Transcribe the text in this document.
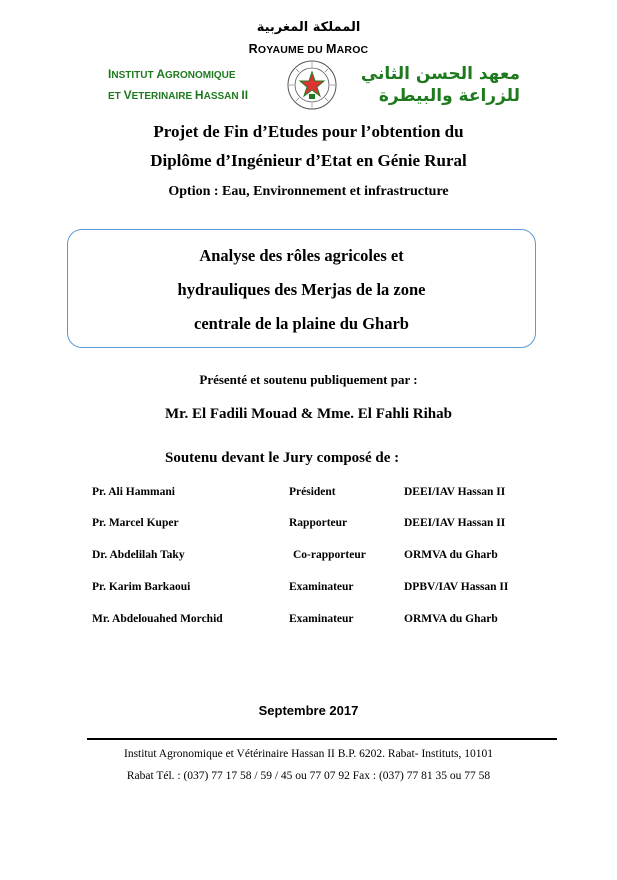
المملكة المغربية
ROYAUME DU MAROC
INSTITUT AGRONOMIQUE
ET VETERINAIRE HASSAN II
معهد الحسن الثاني
للزراعة والبيطرة
Projet de Fin d’Etudes pour l’obtention du
Diplôme d’Ingénieur d’Etat en Génie Rural
Option : Eau, Environnement et infrastructure
Analyse des rôles agricoles et
hydrauliques des Merjas de la zone
centrale de la plaine du Gharb
Présenté et soutenu publiquement par :
Mr. El Fadili Mouad & Mme. El Fahli Rihab
Soutenu devant le Jury composé de :
Pr. Ali Hammani	Président	DEEI/IAV Hassan II
Pr. Marcel Kuper	Rapporteur	DEEI/IAV Hassan II
Dr. Abdelilah Taky	Co-rapporteur	ORMVA du Gharb
Pr. Karim Barkaoui	Examinateur	DPBV/IAV Hassan II
Mr. Abdelouahed Morchid	Examinateur	ORMVA du Gharb
Septembre 2017
Institut Agronomique et Vétérinaire Hassan II B.P. 6202. Rabat- Instituts, 10101
Rabat Tél. : (037) 77 17 58 / 59 / 45 ou 77 07 92 Fax : (037) 77 81 35 ou 77 58
